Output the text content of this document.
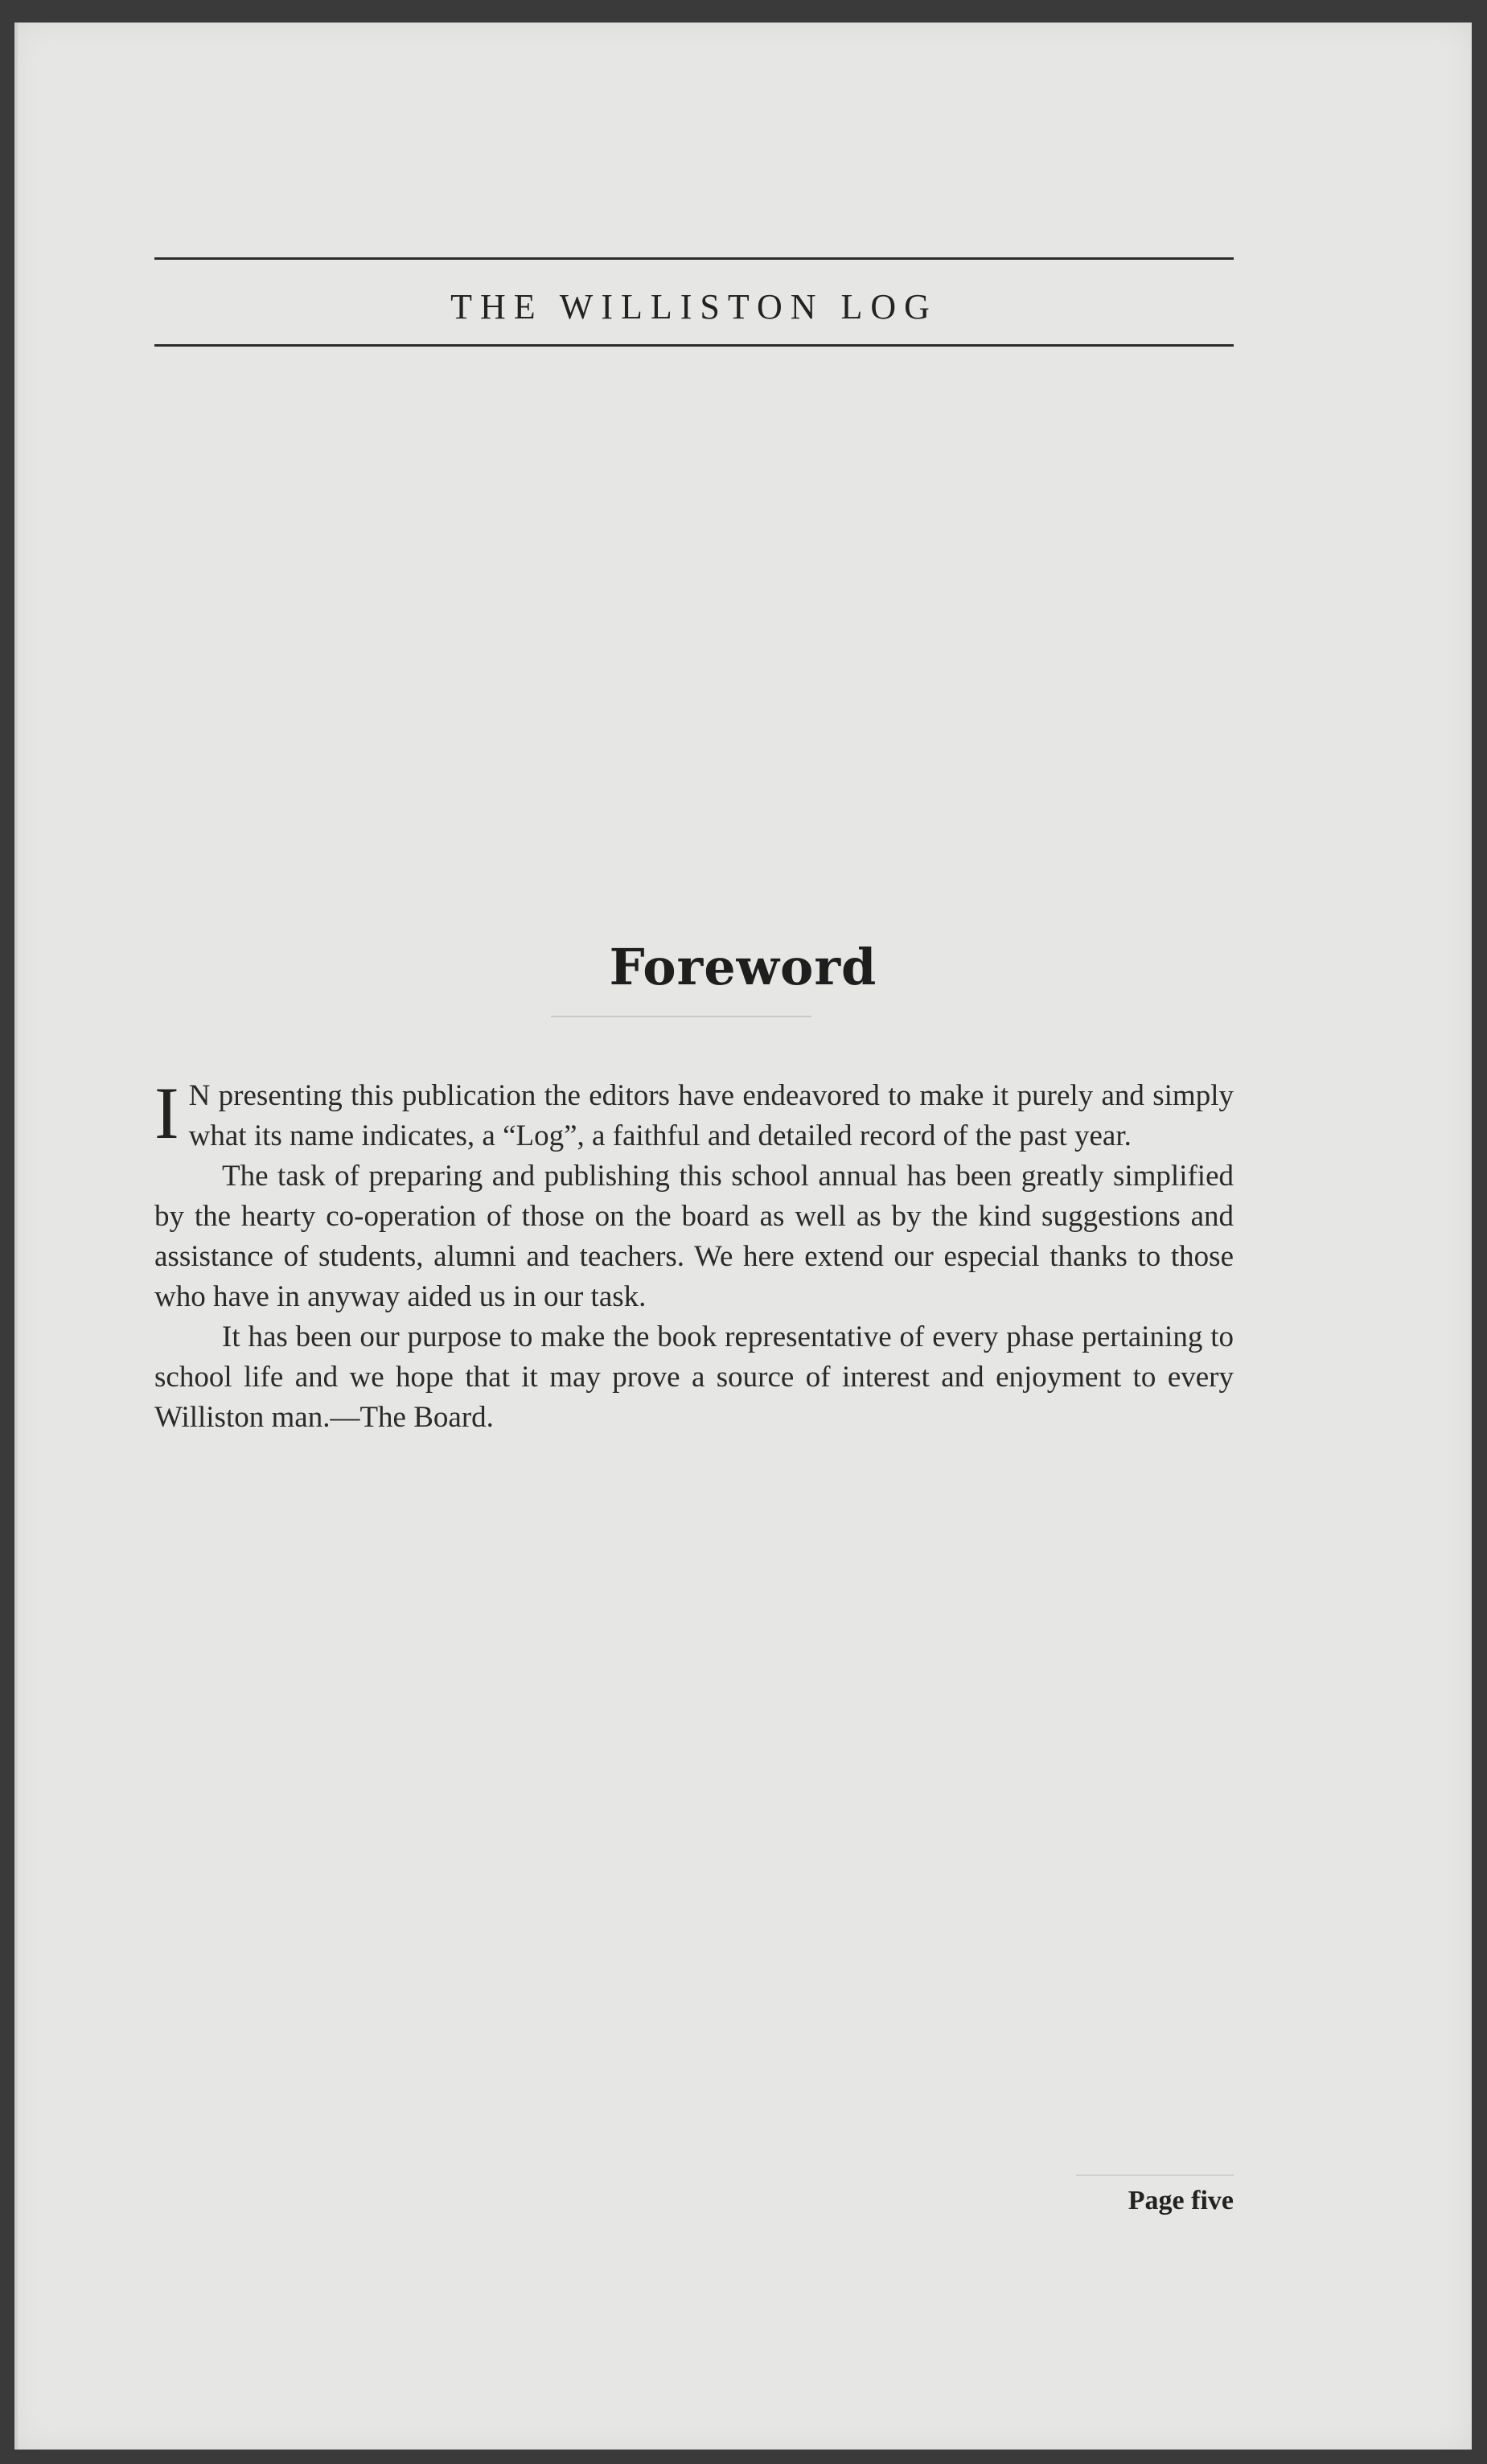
THE WILLISTON LOG
Foreword

I N presenting this publication the editors have endeavored to make it purely and simply what its name indicates, a “Log”, a faithful and detailed record of the past year.

The task of preparing and publishing this school annual has been greatly simplified by the hearty co-operation of those on the board as well as by the kind suggestions and assistance of students, alumni and teachers. We here extend our especial thanks to those who have in anyway aided us in our task.

It has been our purpose to make the book representative of every phase pertaining to school life and we hope that it may prove a source of interest and enjoyment to every Williston man.—The Board.

Page five
